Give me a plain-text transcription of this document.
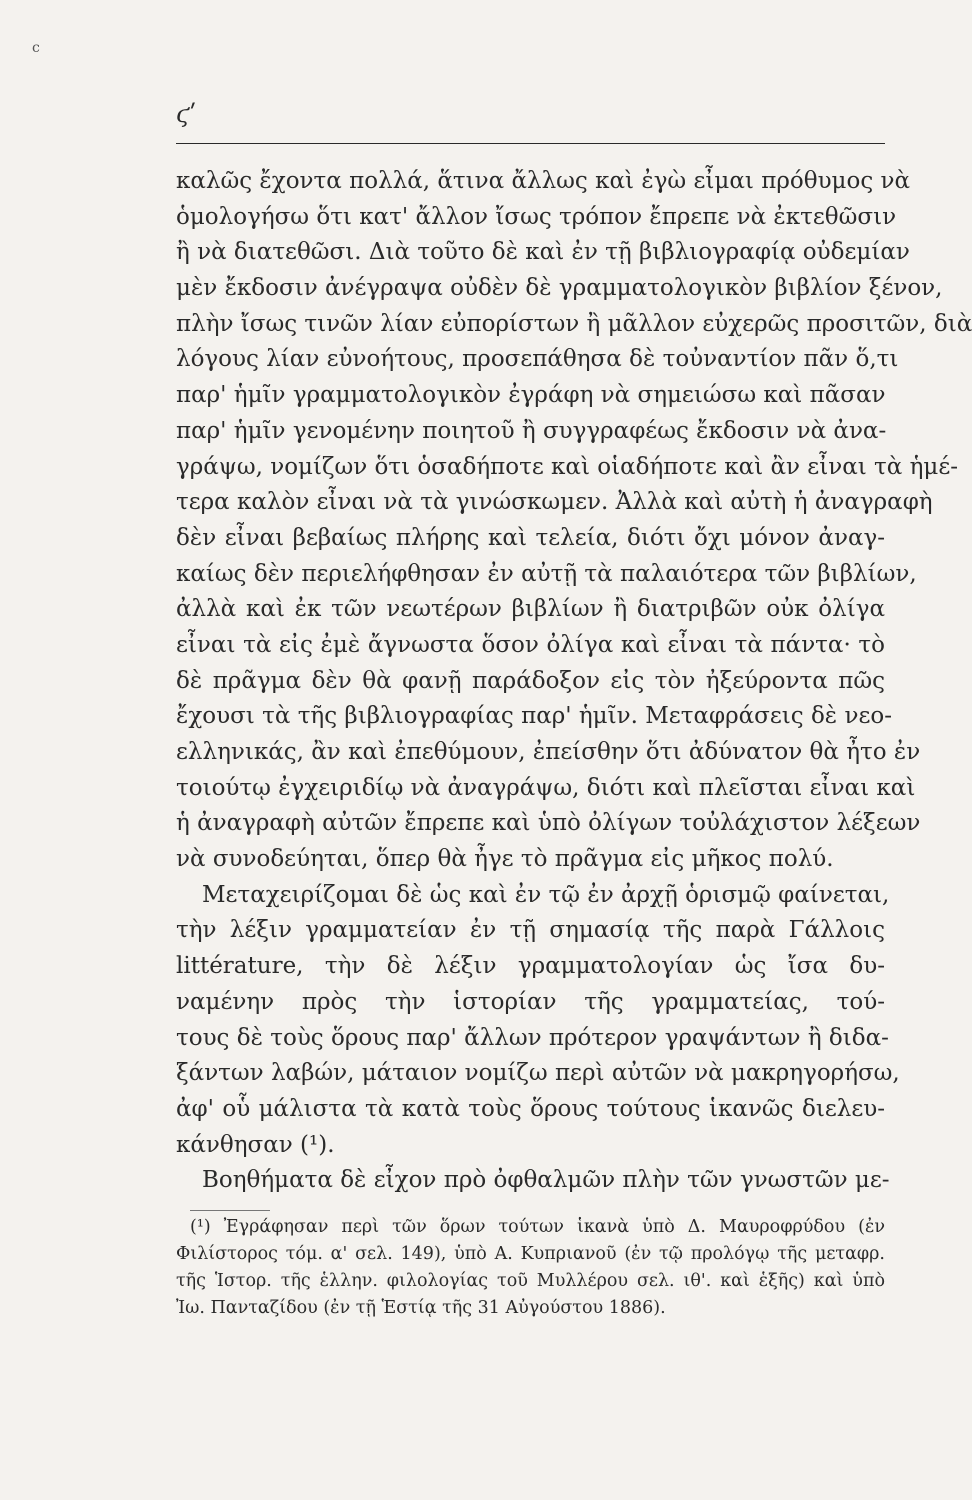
c
ϛʹ
καλῶς ἔχοντα πολλά, ἅτινα ἄλλως καὶ ἐγὼ εἶμαι πρόθυμος νὰ
ὁμολογήσω ὅτι κατ' ἄλλον ἴσως τρόπον ἔπρεπε νὰ ἐκτεθῶσιν
ἢ νὰ διατεθῶσι. Διὰ τοῦτο δὲ καὶ ἐν τῇ βιβλιογραφίᾳ οὐδεμίαν
μὲν ἔκδοσιν ἀνέγραψα οὐδὲν δὲ γραμματολογικὸν βιβλίον ξένον,
πλὴν ἴσως τινῶν λίαν εὐπορίστων ἢ μᾶλλον εὐχερῶς προσιτῶν, διὰ
λόγους λίαν εὐνοήτους, προσεπάθησα δὲ τοὐναντίον πᾶν ὅ,τι
παρ' ἡμῖν γραμματολογικὸν ἐγράφη νὰ σημειώσω καὶ πᾶσαν
παρ' ἡμῖν γενομένην ποιητοῦ ἢ συγγραφέως ἔκδοσιν νὰ ἀνα-
γράψω, νομίζων ὅτι ὁσαδήποτε καὶ οἱαδήποτε καὶ ἂν εἶναι τὰ ἡμέ-
τερα καλὸν εἶναι νὰ τὰ γινώσκωμεν. Ἀλλὰ καὶ αὐτὴ ἡ ἀναγραφὴ
δὲν εἶναι βεβαίως πλήρης καὶ τελεία, διότι ὄχι μόνον ἀναγ-
καίως δὲν περιελήφθησαν ἐν αὐτῇ τὰ παλαιότερα τῶν βιβλίων,
ἀλλὰ καὶ ἐκ τῶν νεωτέρων βιβλίων ἢ διατριβῶν οὐκ ὀλίγα
εἶναι τὰ εἰς ἐμὲ ἄγνωστα ὅσον ὀλίγα καὶ εἶναι τὰ πάντα· τὸ
δὲ πρᾶγμα δὲν θὰ φανῇ παράδοξον εἰς τὸν ἠξεύροντα πῶς
ἔχουσι τὰ τῆς βιβλιογραφίας παρ' ἡμῖν. Μεταφράσεις δὲ νεο-
ελληνικάς, ἂν καὶ ἐπεθύμουν, ἐπείσθην ὅτι ἀδύνατον θὰ ἦτο ἐν
τοιούτῳ ἐγχειριδίῳ νὰ ἀναγράψω, διότι καὶ πλεῖσται εἶναι καὶ
ἡ ἀναγραφὴ αὐτῶν ἔπρεπε καὶ ὑπὸ ὀλίγων τοὐλάχιστον λέξεων
νὰ συνοδεύηται, ὅπερ θὰ ἦγε τὸ πρᾶγμα εἰς μῆκος πολύ.
Μεταχειρίζομαι δὲ ὡς καὶ ἐν τῷ ἐν ἀρχῇ ὁρισμῷ φαίνεται,
τὴν λέξιν γραμματείαν ἐν τῇ σημασίᾳ τῆς παρὰ Γάλλοις
littérature, τὴν δὲ λέξιν γραμματολογίαν ὡς ἴσα δυ-
ναμένην πρὸς τὴν ἱστορίαν τῆς γραμματείας, τού-
τους δὲ τοὺς ὅρους παρ' ἄλλων πρότερον γραψάντων ἢ διδα-
ξάντων λαβών, μάταιον νομίζω περὶ αὐτῶν νὰ μακρηγορήσω,
ἀφ' οὗ μάλιστα τὰ κατὰ τοὺς ὅρους τούτους ἱκανῶς διελευ-
κάνθησαν (¹).
Βοηθήματα δὲ εἶχον πρὸ ὀφθαλμῶν πλὴν τῶν γνωστῶν με-
(¹) Ἐγράφησαν περὶ τῶν ὅρων τούτων ἱκανὰ ὑπὸ Δ. Μαυροφρύδου (ἐν
Φιλίστορος τόμ. α' σελ. 149), ὑπὸ Α. Κυπριανοῦ (ἐν τῷ προλόγῳ τῆς μεταφρ.
τῆς Ἱστορ. τῆς ἑλλην. φιλολογίας τοῦ Μυλλέρου σελ. ιθ'. καὶ ἑξῆς) καὶ ὑπὸ
Ἰω. Πανταζίδου (ἐν τῇ Ἑστίᾳ τῆς 31 Αὐγούστου 1886).
